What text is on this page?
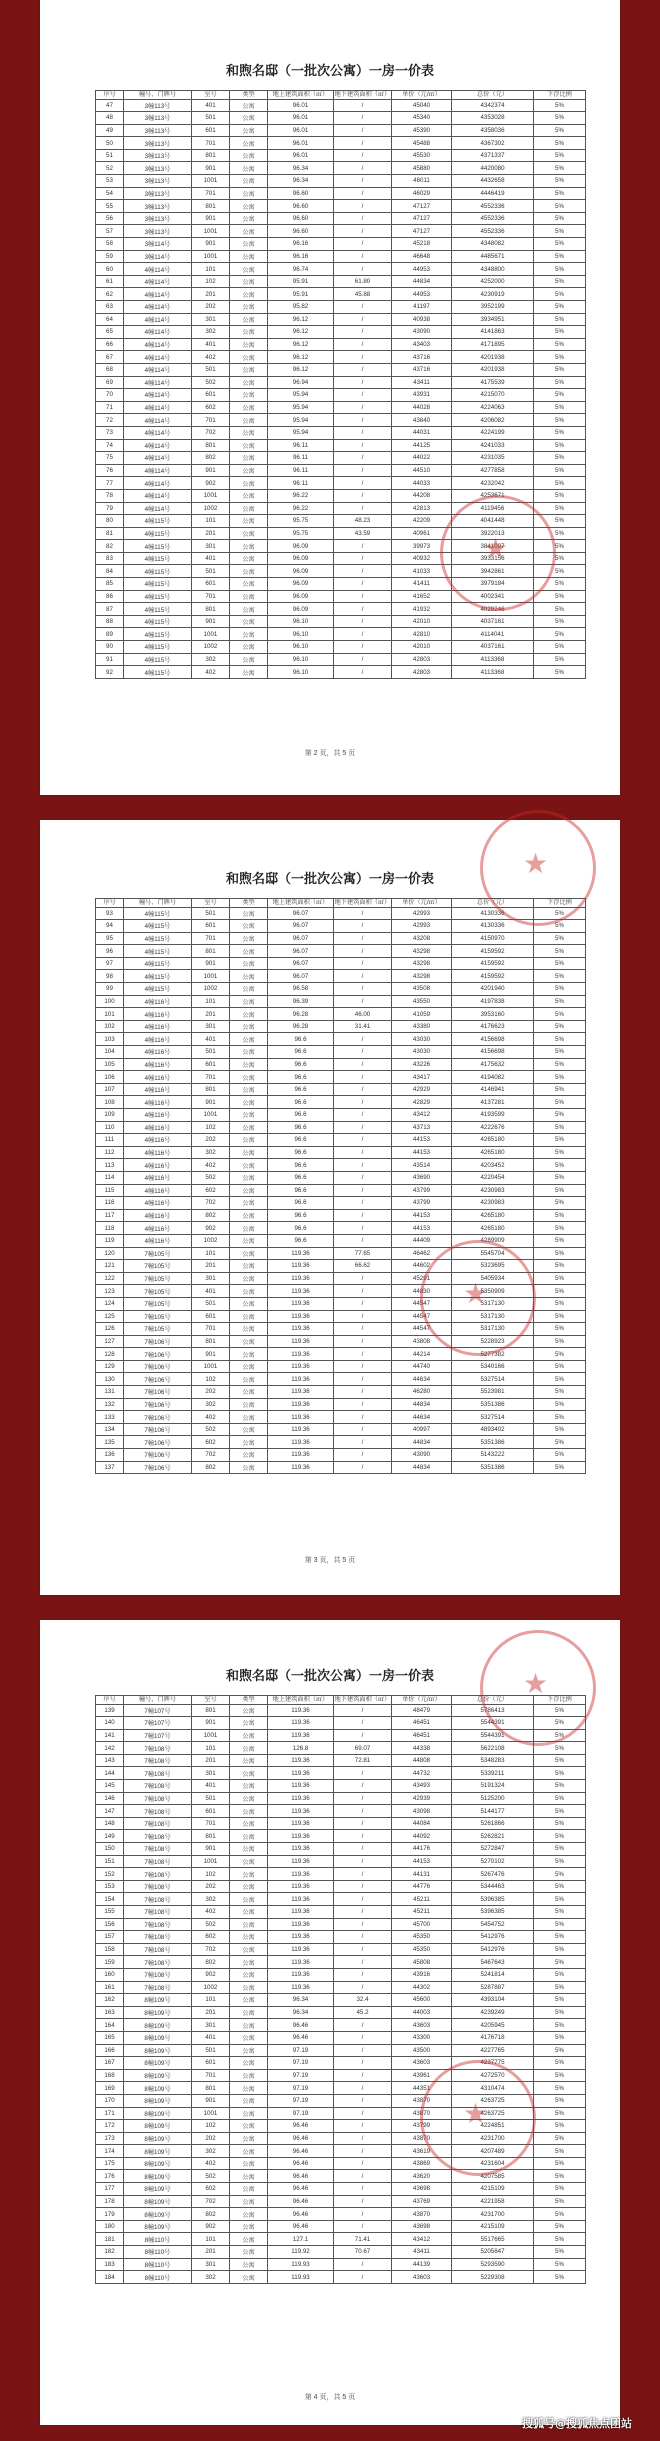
和煦名邸（一批次公寓）一房一价表
序号	幢号、门牌号	室号	类型	地上建筑面积（㎡）	地下建筑面积（㎡）	单价（元/㎡）	总价（元）	下浮比例
47	3幢113号	401	公寓	96.01	/	45040	4342374	5%
48	3幢113号	501	公寓	96.01	/	45340	4353028	5%
49	3幢113号	601	公寓	96.01	/	45390	4358036	5%
50	3幢113号	701	公寓	96.01	/	45488	4367302	5%
51	3幢113号	801	公寓	96.01	/	45530	4371337	5%
52	3幢113号	901	公寓	96.34	/	45880	4420080	5%
53	3幢113号	1001	公寓	96.34	/	46011	4432658	5%
54	3幢113号	701	公寓	96.60	/	46029	4446419	5%
55	3幢113号	801	公寓	96.60	/	47127	4552336	5%
56	3幢113号	901	公寓	96.60	/	47127	4552336	5%
57	3幢113号	1001	公寓	96.60	/	47127	4552336	5%
58	3幢114号	901	公寓	96.16	/	45218	4348082	5%
59	3幢114号	1001	公寓	96.16	/	46648	4485671	5%
60	4幢114号	101	公寓	96.74	/	44953	4348800	5%
61	4幢114号	102	公寓	95.91	61.80	44834	4252000	5%
62	4幢114号	201	公寓	95.91	45.88	44953	4230919	5%
63	4幢114号	202	公寓	95.82	/	41197	3952199	5%
64	4幢114号	301	公寓	96.12	/	40938	3934951	5%
65	4幢114号	302	公寓	96.12	/	43090	4141863	5%
66	4幢114号	401	公寓	96.12	/	43403	4171895	5%
67	4幢114号	402	公寓	96.12	/	43716	4201938	5%
68	4幢114号	501	公寓	96.12	/	43716	4201938	5%
69	4幢114号	502	公寓	96.94	/	43411	4175539	5%
70	4幢114号	601	公寓	95.94	/	43931	4215070	5%
71	4幢114号	602	公寓	95.94	/	44028	4224063	5%
72	4幢114号	701	公寓	95.94	/	43840	4206082	5%
73	4幢114号	702	公寓	95.94	/	44031	4224199	5%
74	4幢114号	801	公寓	96.11	/	44125	4241033	5%
75	4幢114号	802	公寓	96.11	/	44022	4231035	5%
76	4幢114号	901	公寓	96.11	/	44510	4277858	5%
77	4幢114号	902	公寓	96.11	/	44033	4232042	5%
78	4幢114号	1001	公寓	96.22	/	44208	4253671	5%
79	4幢114号	1002	公寓	96.22	/	42813	4119456	5%
80	4幢115号	101	公寓	95.75	48.23	42209	4041448	5%
81	4幢115号	201	公寓	95.75	43.59	40961	3922013	5%
82	4幢115号	301	公寓	96.09	/	39973	3841097	5%
83	4幢115号	401	公寓	96.09	/	40932	3933156	5%
84	4幢115号	501	公寓	96.09	/	41033	3942861	5%
85	4幢115号	601	公寓	96.09	/	41411	3979184	5%
86	4幢115号	701	公寓	96.09	/	41652	4002341	5%
87	4幢115号	801	公寓	96.09	/	41932	4029246	5%
88	4幢115号	901	公寓	96.10	/	42010	4037161	5%
89	4幢115号	1001	公寓	96.10	/	42810	4114041	5%
90	4幢115号	1002	公寓	96.10	/	42010	4037161	5%
91	4幢115号	302	公寓	96.10	/	42803	4113368	5%
92	4幢115号	402	公寓	96.10	/	42803	4113368	5%
第 2 页，共 5 页
★
和煦名邸（一批次公寓）一房一价表
序号	幢号、门牌号	室号	类型	地上建筑面积（㎡）	地下建筑面积（㎡）	单价（元/㎡）	总价（元）	下浮比例
93	4幢115号	501	公寓	96.07	/	42993	4130336	5%
94	4幢115号	601	公寓	96.07	/	42993	4130336	5%
95	4幢115号	701	公寓	96.07	/	43208	4150970	5%
96	4幢115号	801	公寓	96.07	/	43298	4159592	5%
97	4幢115号	901	公寓	96.07	/	43298	4159592	5%
98	4幢115号	1001	公寓	96.07	/	43298	4159592	5%
99	4幢115号	1002	公寓	96.58	/	43508	4201940	5%
100	4幢116号	101	公寓	96.39	/	43550	4197838	5%
101	4幢116号	201	公寓	96.28	46.00	41059	3953160	5%
102	4幢116号	301	公寓	96.28	31.41	43380	4176623	5%
103	4幢116号	401	公寓	96.6	/	43030	4156698	5%
104	4幢116号	501	公寓	96.6	/	43030	4156698	5%
105	4幢116号	601	公寓	96.6	/	43226	4175632	5%
106	4幢116号	701	公寓	96.6	/	43417	4194082	5%
107	4幢116号	801	公寓	96.6	/	42929	4146941	5%
108	4幢116号	901	公寓	96.6	/	42829	4137281	5%
109	4幢116号	1001	公寓	96.6	/	43412	4193599	5%
110	4幢116号	102	公寓	96.6	/	43713	4222676	5%
111	4幢116号	202	公寓	96.6	/	44153	4265180	5%
112	4幢116号	302	公寓	96.6	/	44153	4265180	5%
113	4幢116号	402	公寓	96.6	/	43514	4203452	5%
114	4幢116号	502	公寓	96.6	/	43690	4220454	5%
115	4幢116号	602	公寓	96.6	/	43799	4230983	5%
116	4幢116号	702	公寓	96.6	/	43799	4230983	5%
117	4幢116号	802	公寓	96.6	/	44153	4265180	5%
118	4幢116号	902	公寓	96.6	/	44153	4265180	5%
119	4幢116号	1002	公寓	96.6	/	44409	4289909	5%
120	7幢105号	101	公寓	119.36	77.65	46462	5545704	5%
121	7幢105号	201	公寓	119.36	66.62	44602	5323695	5%
122	7幢105号	301	公寓	119.36	/	45291	5405934	5%
123	7幢105号	401	公寓	119.36	/	44830	5350909	5%
124	7幢105号	501	公寓	119.36	/	44547	5317130	5%
125	7幢105号	601	公寓	119.36	/	44547	5317130	5%
126	7幢105号	701	公寓	119.36	/	44547	5317130	5%
127	7幢106号	801	公寓	119.36	/	43808	5228923	5%
128	7幢106号	901	公寓	119.36	/	44214	5277382	5%
129	7幢106号	1001	公寓	119.36	/	44740	5340166	5%
130	7幢106号	102	公寓	119.36	/	44634	5327514	5%
131	7幢106号	202	公寓	119.36	/	46280	5523981	5%
132	7幢106号	302	公寓	119.36	/	44834	5351386	5%
133	7幢106号	402	公寓	119.36	/	44634	5327514	5%
134	7幢106号	502	公寓	119.36	/	40997	4893402	5%
135	7幢106号	602	公寓	119.36	/	44834	5351386	5%
136	7幢106号	702	公寓	119.36	/	43090	5143222	5%
137	7幢106号	802	公寓	119.36	/	44834	5351386	5%
第 3 页，共 5 页
★
★
和煦名邸（一批次公寓）一房一价表
序号	幢号、门牌号	室号	类型	地上建筑面积（㎡）	地下建筑面积（㎡）	单价（元/㎡）	总价（元）	下浮比例
139	7幢107号	801	公寓	119.36	/	48479	5786413	5%
140	7幢107号	901	公寓	119.36	/	46451	5544391	5%
141	7幢107号	1001	公寓	119.36	/	46451	5544391	5%
142	7幢108号	101	公寓	126.8	69.07	44338	5622108	5%
143	7幢108号	201	公寓	119.36	72.81	44808	5348283	5%
144	7幢108号	301	公寓	119.36	/	44732	5339211	5%
145	7幢108号	401	公寓	119.36	/	43493	5191324	5%
146	7幢108号	501	公寓	119.36	/	42939	5125200	5%
147	7幢108号	601	公寓	119.36	/	43098	5144177	5%
148	7幢108号	701	公寓	119.36	/	44084	5261866	5%
149	7幢108号	801	公寓	119.36	/	44092	5262821	5%
150	7幢108号	901	公寓	119.36	/	44176	5272847	5%
151	7幢108号	1001	公寓	119.36	/	44153	5270102	5%
152	7幢108号	102	公寓	119.36	/	44131	5267476	5%
153	7幢108号	202	公寓	119.36	/	44776	5344463	5%
154	7幢108号	302	公寓	119.36	/	45211	5396385	5%
155	7幢108号	402	公寓	119.36	/	45211	5396385	5%
156	7幢108号	502	公寓	119.36	/	45700	5454752	5%
157	7幢108号	602	公寓	119.36	/	45350	5412976	5%
158	7幢108号	702	公寓	119.36	/	45350	5412976	5%
159	7幢108号	802	公寓	119.36	/	45808	5467643	5%
160	7幢108号	902	公寓	119.36	/	43916	5241814	5%
161	7幢108号	1002	公寓	119.36	/	44302	5287887	5%
162	8幢109号	101	公寓	96.34	32.4	45600	4393104	5%
163	8幢109号	201	公寓	96.34	45.2	44003	4239249	5%
164	8幢109号	301	公寓	96.46	/	43603	4205945	5%
165	8幢109号	401	公寓	96.46	/	43300	4176718	5%
166	8幢109号	501	公寓	97.19	/	43500	4227765	5%
167	8幢109号	601	公寓	97.19	/	43603	4237775	5%
168	8幢109号	701	公寓	97.19	/	43961	4272570	5%
169	8幢109号	801	公寓	97.19	/	44351	4310474	5%
170	8幢109号	901	公寓	97.19	/	43870	4263725	5%
171	8幢109号	1001	公寓	97.19	/	43870	4263725	5%
172	8幢109号	102	公寓	96.46	/	43799	4224851	5%
173	8幢109号	202	公寓	96.46	/	43870	4231700	5%
174	8幢109号	302	公寓	96.46	/	43619	4207489	5%
175	8幢109号	402	公寓	96.46	/	43869	4231604	5%
176	8幢109号	502	公寓	96.46	/	43620	4207585	5%
177	8幢109号	602	公寓	96.46	/	43698	4215109	5%
178	8幢109号	702	公寓	96.46	/	43769	4221958	5%
179	8幢109号	802	公寓	96.46	/	43870	4231700	5%
180	8幢109号	902	公寓	96.46	/	43698	4215109	5%
181	8幢110号	101	公寓	127.1	71.41	43412	5517665	5%
182	8幢110号	201	公寓	119.92	70.67	43411	5205847	5%
183	8幢110号	301	公寓	119.93	/	44139	5293590	5%
184	8幢110号	302	公寓	119.93	/	43603	5229308	5%
第 4 页，共 5 页
★
★
搜狐号@搜狐焦点团站
